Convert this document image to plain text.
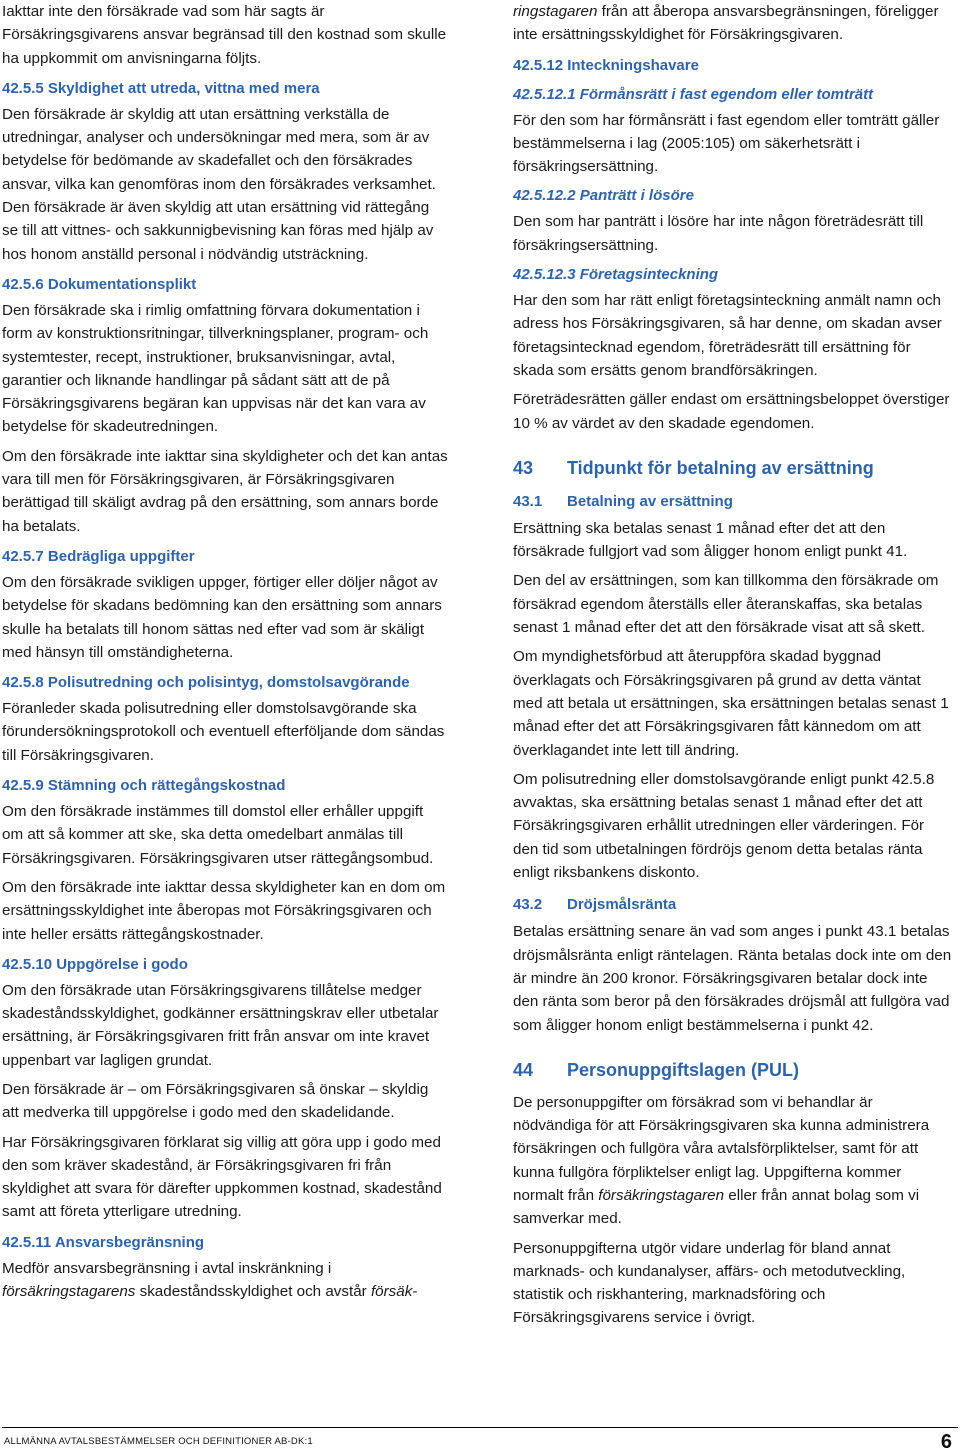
Iakttar inte den försäkrade vad som här sagts är Försäkringsgivarens ansvar begränsad till den kostnad som skulle ha uppkommit om anvisningarna följts.

42.5.5 Skyldighet att utreda, vittna med mera

Den försäkrade är skyldig att utan ersättning verkställa de utredningar, analyser och undersökningar med mera, som är av betydelse för bedömande av skadefallet och den försäkrades ansvar, vilka kan genomföras inom den försäkrades verksamhet. Den försäkrade är även skyldig att utan ersättning vid rättegång se till att vittnes- och sakkunnigbevisning kan föras med hjälp av hos honom anställd personal i nödvändig utsträckning.

42.5.6 Dokumentationsplikt

Den försäkrade ska i rimlig omfattning förvara dokumentation i form av konstruktionsritningar, tillverkningsplaner, program- och systemtester, recept, instruktioner, bruksanvisningar, avtal, garantier och liknande handlingar på sådant sätt att de på Försäkringsgivarens begäran kan uppvisas när det kan vara av betydelse för skadeutredningen.

Om den försäkrade inte iakttar sina skyldigheter och det kan antas vara till men för Försäkringsgivaren, är Försäkringsgivaren berättigad till skäligt avdrag på den ersättning, som annars borde ha betalats.

42.5.7 Bedrägliga uppgifter

Om den försäkrade svikligen uppger, förtiger eller döljer något av betydelse för skadans bedömning kan den ersättning som annars skulle ha betalats till honom sättas ned efter vad som är skäligt med hänsyn till omständigheterna.

42.5.8 Polisutredning och polisintyg, domstolsavgörande

Föranleder skada polisutredning eller domstolsavgörande ska förundersökningsprotokoll och eventuell efterföljande dom sändas till Försäkringsgivaren.

42.5.9 Stämning och rättegångskostnad

Om den försäkrade instämmes till domstol eller erhåller uppgift om att så kommer att ske, ska detta omedelbart anmälas till Försäkringsgivaren. Försäkringsgivaren utser rättegångsombud.

Om den försäkrade inte iakttar dessa skyldigheter kan en dom om ersättningsskyldighet inte åberopas mot Försäkringsgivaren och inte heller ersätts rättegångskostnader.

42.5.10 Uppgörelse i godo

Om den försäkrade utan Försäkringsgivarens tillåtelse medger skadeståndsskyldighet, godkänner ersättningskrav eller utbetalar ersättning, är Försäkringsgivaren fritt från ansvar om inte kravet uppenbart var lagligen grundat.

Den försäkrade är – om Försäkringsgivaren så önskar – skyldig att medverka till uppgörelse i godo med den skadelidande.

Har Försäkringsgivaren förklarat sig villig att göra upp i godo med den som kräver skadestånd, är Försäkringsgivaren fri från skyldighet att svara för därefter uppkommen kostnad, skadestånd samt att företa ytterligare utredning.

42.5.11 Ansvarsbegränsning

Medför ansvarsbegränsning i avtal inskränkning i försäkringstagarens skadeståndsskyldighet och avstår försäk-

ringstagaren från att åberopa ansvarsbegränsningen, föreligger inte ersättningsskyldighet för Försäkringsgivaren.

42.5.12 Inteckningshavare
42.5.12.1 Förmånsrätt i fast egendom eller tomträtt

För den som har förmånsrätt i fast egendom eller tomträtt gäller bestämmelserna i lag (2005:105) om säkerhetsrätt i försäkringsersättning.

42.5.12.2 Panträtt i lösöre

Den som har panträtt i lösöre har inte någon företrädesrätt till försäkringsersättning.

42.5.12.3 Företagsinteckning

Har den som har rätt enligt företagsinteckning anmält namn och adress hos Försäkringsgivaren, så har denne, om skadan avser företagsintecknad egendom, företrädesrätt till ersättning för skada som ersätts genom brandförsäkringen.

Företrädesrätten gäller endast om ersättningsbeloppet överstiger 10 % av värdet av den skadade egendomen.

43	Tidpunkt för betalning av ersättning
43.1	Betalning av ersättning

Ersättning ska betalas senast 1 månad efter det att den försäkrade fullgjort vad som åligger honom enligt punkt 41.

Den del av ersättningen, som kan tillkomma den försäkrade om försäkrad egendom återställs eller återanskaffas, ska betalas senast 1 månad efter det att den försäkrade visat att så skett.

Om myndighetsförbud att återuppföra skadad byggnad överklagats och Försäkringsgivaren på grund av detta väntat med att betala ut ersättningen, ska ersättningen betalas senast 1 månad efter det att Försäkringsgivaren fått kännedom om att överklagandet inte lett till ändring.

Om polisutredning eller domstolsavgörande enligt punkt 42.5.8 avvaktas, ska ersättning betalas senast 1 månad efter det att Försäkringsgivaren erhållit utredningen eller värderingen. För den tid som utbetalningen fördröjs genom detta betalas ränta enligt riksbankens diskonto.

43.2	Dröjsmålsränta

Betalas ersättning senare än vad som anges i punkt 43.1 betalas dröjsmålsränta enligt räntelagen. Ränta betalas dock inte om den är mindre än 200 kronor. Försäkringsgivaren betalar dock inte den ränta som beror på den försäkrades dröjsmål att fullgöra vad som åligger honom enligt bestämmelserna i punkt 42.

44	Personuppgiftslagen (PUL)

De personuppgifter om försäkrad som vi behandlar är nödvändiga för att Försäkringsgivaren ska kunna administrera försäkringen och fullgöra våra avtalsförpliktelser, samt för att kunna fullgöra förpliktelser enligt lag. Uppgifterna kommer normalt från försäkringstagaren eller från annat bolag som vi samverkar med.

Personuppgifterna utgör vidare underlag för bland annat marknads- och kundanalyser, affärs- och metodutveckling, statistik och riskhantering, marknadsföring och Försäkringsgivarens service i övrigt.

ALLMÄNNA AVTALSBESTÄMMELSER OCH DEFINITIONER AB-DK:1	6
